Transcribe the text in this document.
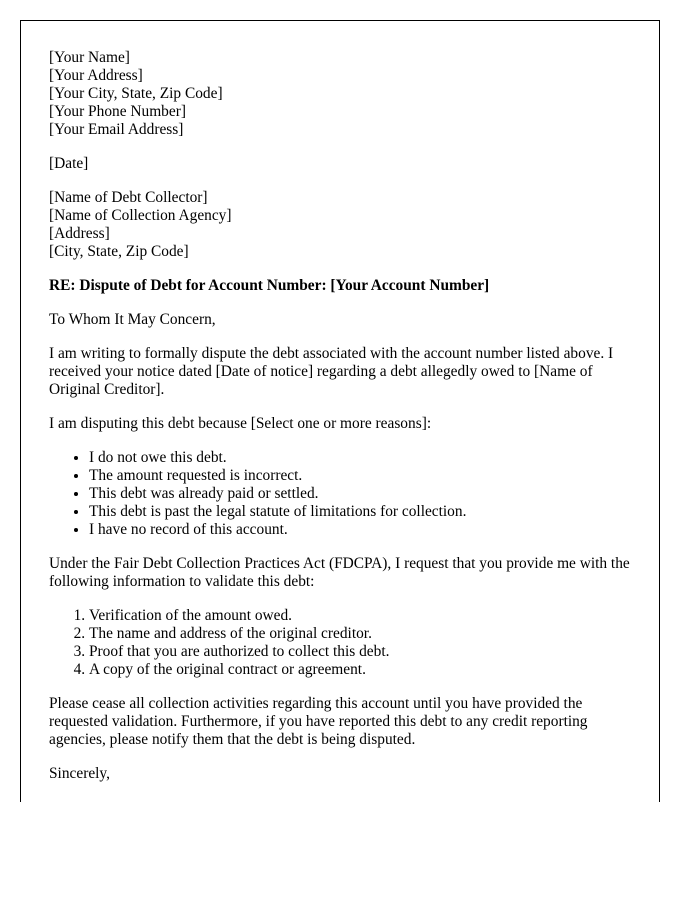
[Your Name]
[Your Address]
[Your City, State, Zip Code]
[Your Phone Number]
[Your Email Address]
[Date]
[Name of Debt Collector]
[Name of Collection Agency]
[Address]
[City, State, Zip Code]

RE: Dispute of Debt for Account Number: [Your Account Number]

To Whom It May Concern,

I am writing to formally dispute the debt associated with the account number listed above. I received your notice dated [Date of notice] regarding a debt allegedly owed to [Name of Original Creditor].

I am disputing this debt because [Select one or more reasons]:

• I do not owe this debt.
• The amount requested is incorrect.
• This debt was already paid or settled.
• This debt is past the legal statute of limitations for collection.
• I have no record of this account.

Under the Fair Debt Collection Practices Act (FDCPA), I request that you provide me with the following information to validate this debt:

1. Verification of the amount owed.
2. The name and address of the original creditor.
3. Proof that you are authorized to collect this debt.
4. A copy of the original contract or agreement.

Please cease all collection activities regarding this account until you have provided the requested validation. Furthermore, if you have reported this debt to any credit reporting agencies, please notify them that the debt is being disputed.

Sincerely,
